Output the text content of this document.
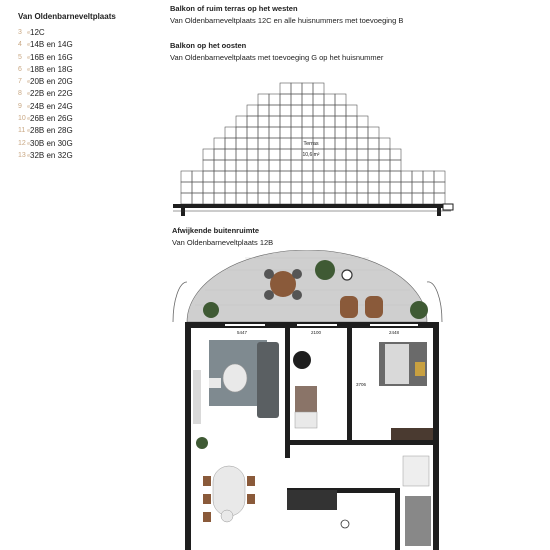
Van Oldenbarneveltplaats
3	e 12C
4	e 14B en 14G
5	e 16B en 16G
6	e 18B en 18G
7	e 20B en 20G
8	e 22B en 22G
9	e 24B en 24G
10 e 26B en 26G
11 e 28B en 28G
12 e 30B en 30G
13 e 32B en 32G
Balkon of ruim terras op het westen
Van Oldenbarneveltplaats 12C en alle huisnummers met toevoeging B
Balkon op het oosten
Van Oldenbarneveltplaats met toevoeging G op het huisnummer
Terras
10,6 m²
Afwijkende buitenruimte
Van Oldenbarneveltplaats 12B
5447	2100	2448
3706
